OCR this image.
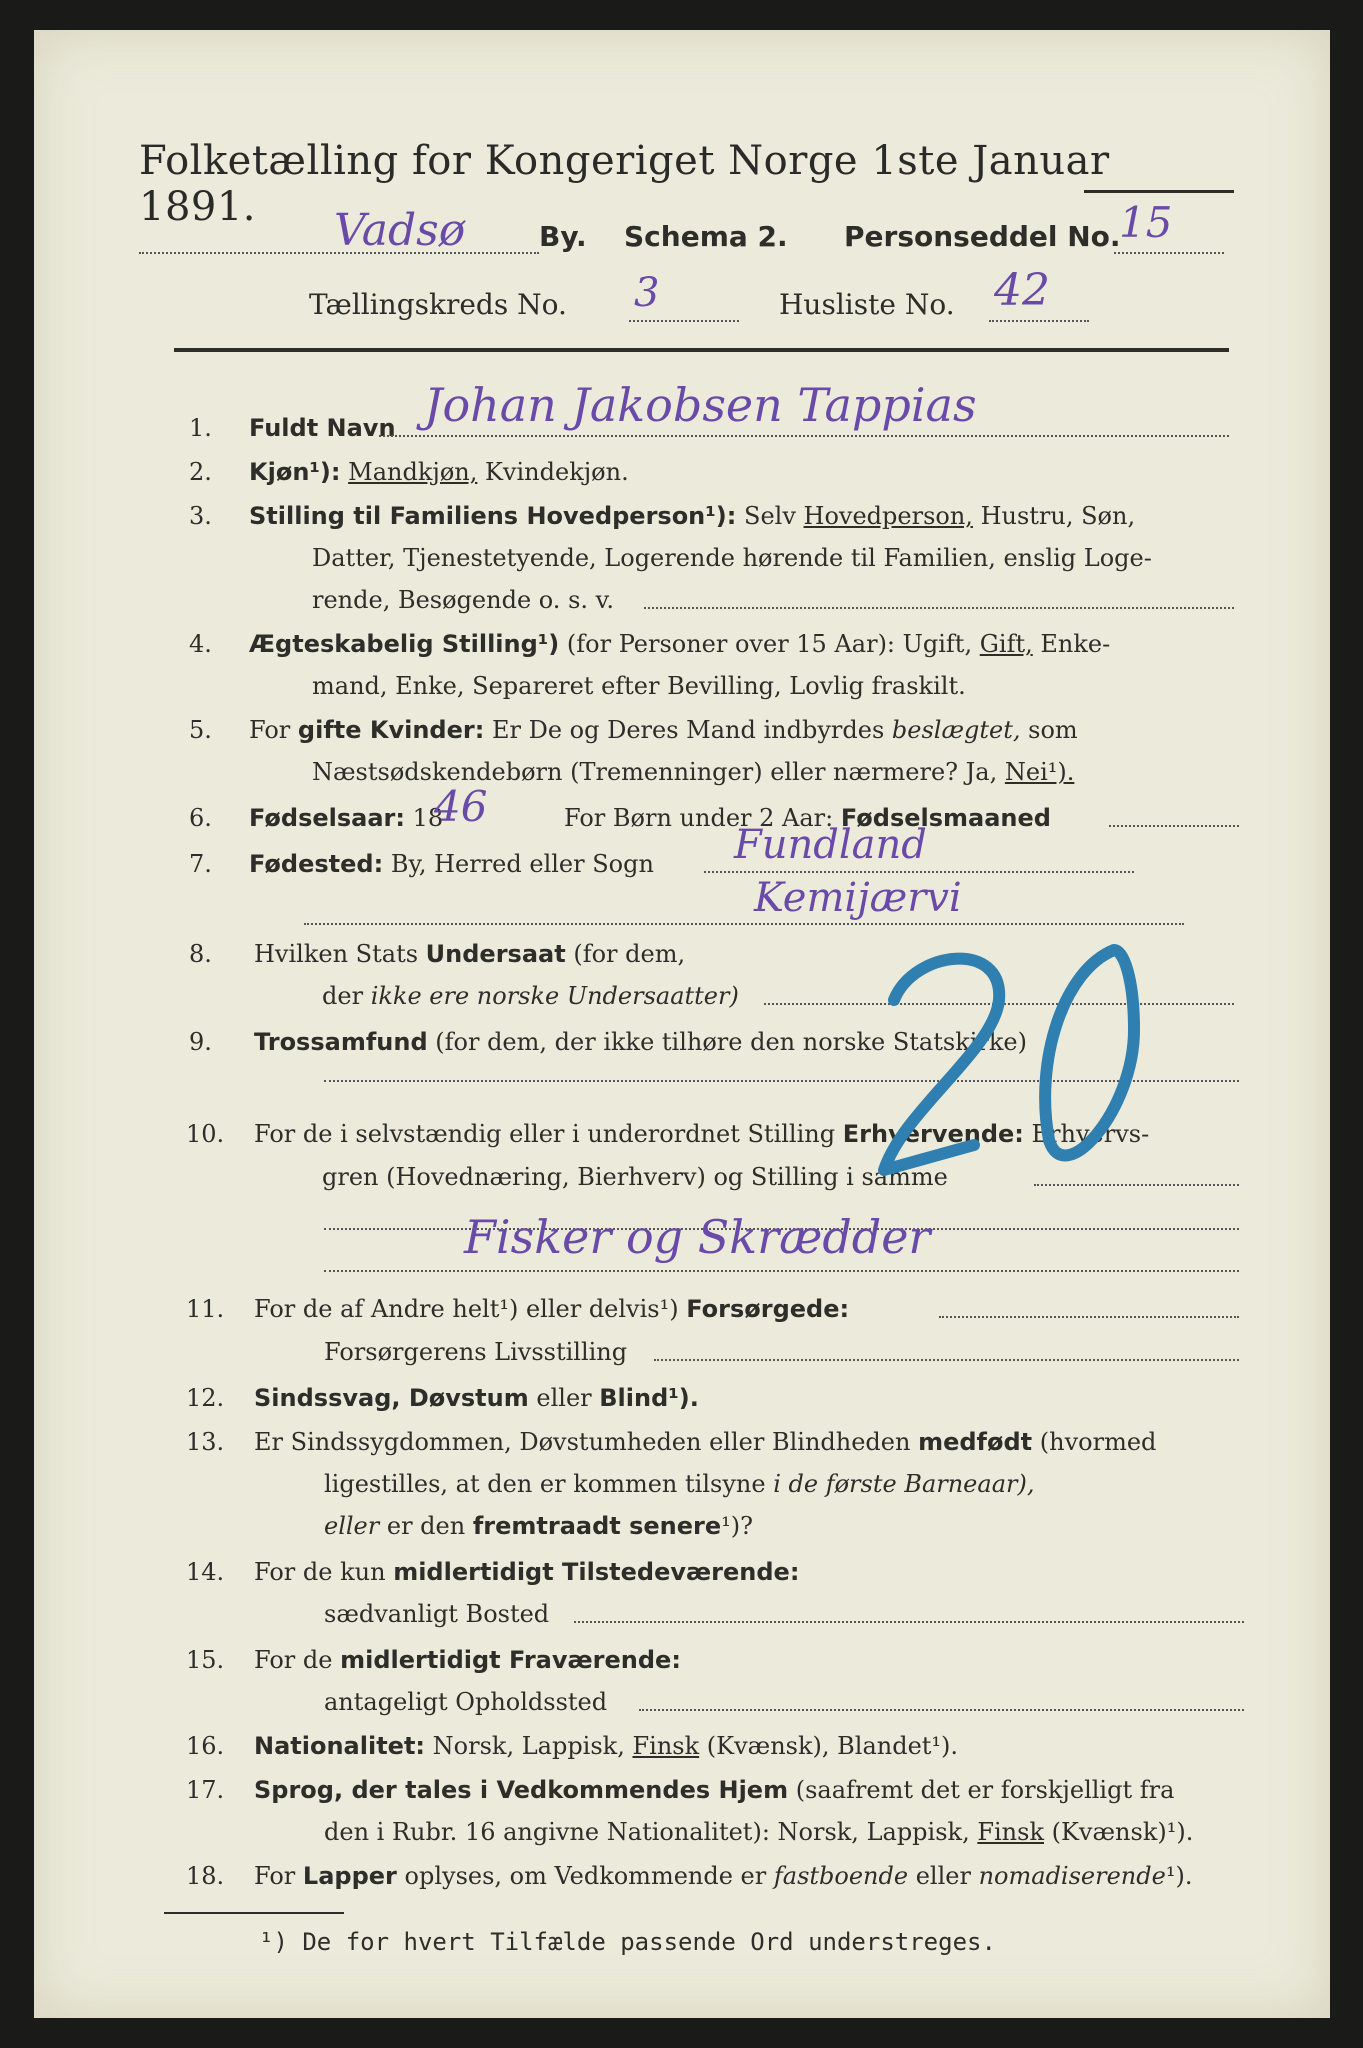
Folketælling for Kongeriget Norge 1ste Januar 1891.	Vadsø	By. Schema 2. Personseddel No.
15
Tællingskreds No. 3	Husliste No. 42
1. Fuldt Navn Johan Jakobsen Tappias
2. Kjøn¹): Mandkjøn, Kvindekjøn.
3. Stilling til Familiens Hovedperson¹): Selv Hovedperson, Hustru, Søn,
Datter, Tjenestetyende, Logerende hørende til Familien, enslig Loge-
rende, Besøgende o. s. v.
4. Ægteskabelig Stilling¹) (for Personer over 15 Aar): Ugift, Gift, Enke-
mand, Enke, Separeret efter Bevilling, Lovlig fraskilt.
5. For gifte Kvinder: Er De og Deres Mand indbyrdes beslægtet, som
Næstsødskendebørn (Tremenninger) eller nærmere? Ja, Nei¹).
6. Fødselsaar: 18
46	For Børn under 2 Aar: Fødselsmaaned
7. Fødested: By, Herred eller Sogn Fundland
Kemijærvi
8. Hvilken Stats Undersaat (for dem,
der ikke ere norske Undersaatter)
9. Trossamfund (for dem, der ikke tilhøre den norske Statskirke)
10. For de i selvstændig eller i underordnet Stilling Erhvervende: Erhvervs-
gren (Hovednæring, Bierhverv) og Stilling i samme
Fisker og Skrædder
11. For de af Andre helt¹) eller delvis¹) Forsørgede:
Forsørgerens Livsstilling
12. Sindssvag, Døvstum eller Blind¹).
13. Er Sindssygdommen, Døvstumheden eller Blindheden medfødt (hvormed
ligestilles, at den er kommen tilsyne i de første Barneaar),
eller er den fremtraadt senere¹)?
14. For de kun midlertidigt Tilstedeværende:
sædvanligt Bosted
15. For de midlertidigt Fraværende:
antageligt Opholdssted
16. Nationalitet: Norsk, Lappisk, Finsk (Kvænsk), Blandet¹).
17. Sprog, der tales i Vedkommendes Hjem (saafremt det er forskjelligt fra
den i Rubr. 16 angivne Nationalitet): Norsk, Lappisk, Finsk (Kvænsk)¹).
18. For Lapper oplyses, om Vedkommende er fastboende eller nomadiserende¹).
¹) De for hvert Tilfælde passende Ord understreges.
